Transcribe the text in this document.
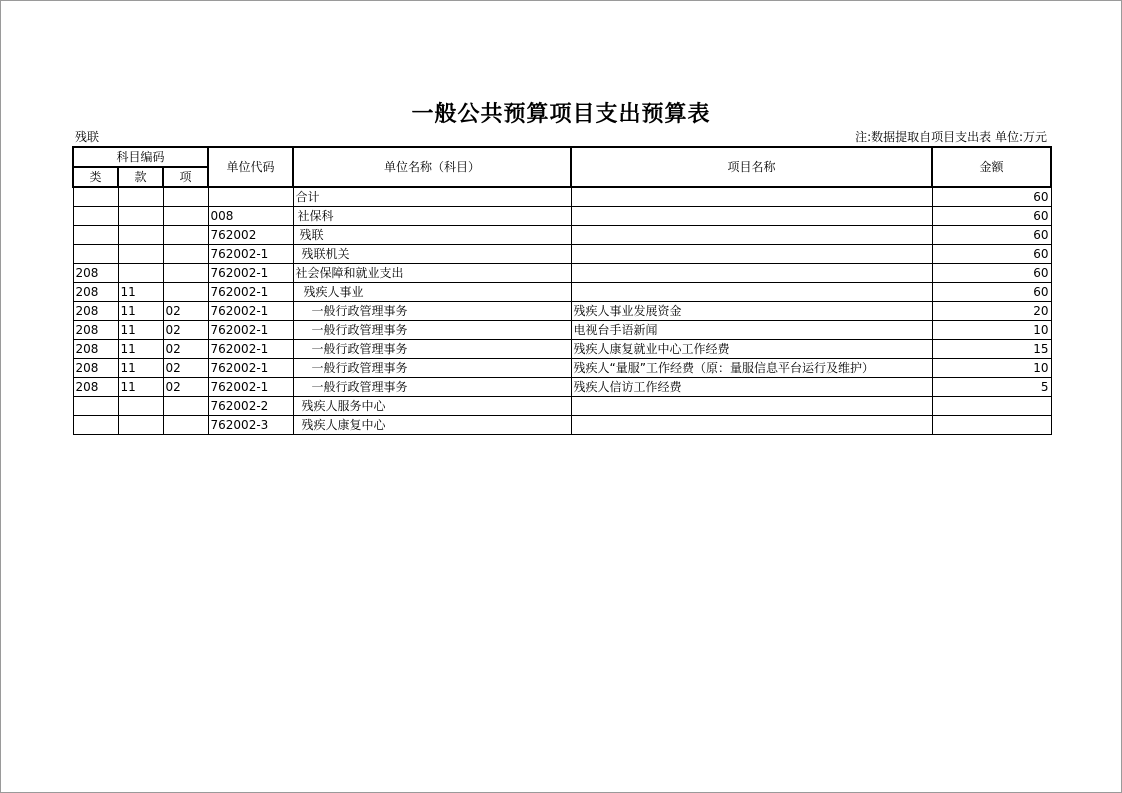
一般公共预算项目支出预算表
残联	注:数据提取自项目支出表 单位:万元
科目编码			单位代码	单位名称（科目）	项目名称	金额
类	款	项				
				合计		60
			008	社保科		60
			762002	残联		60
			762002-1	残联机关		60
208			762002-1	社会保障和就业支出		60
208	11		762002-1	残疾人事业		60
208	11	02	762002-1	一般行政管理事务	残疾人事业发展资金	20
208	11	02	762002-1	一般行政管理事务	电视台手语新闻	10
208	11	02	762002-1	一般行政管理事务	残疾人康复就业中心工作经费	15
208	11	02	762002-1	一般行政管理事务	残疾人“量服”工作经费（原：量服信息平台运行及维护）	10
208	11	02	762002-1	一般行政管理事务	残疾人信访工作经费	5
			762002-2	残疾人服务中心		
			762002-3	残疾人康复中心		
